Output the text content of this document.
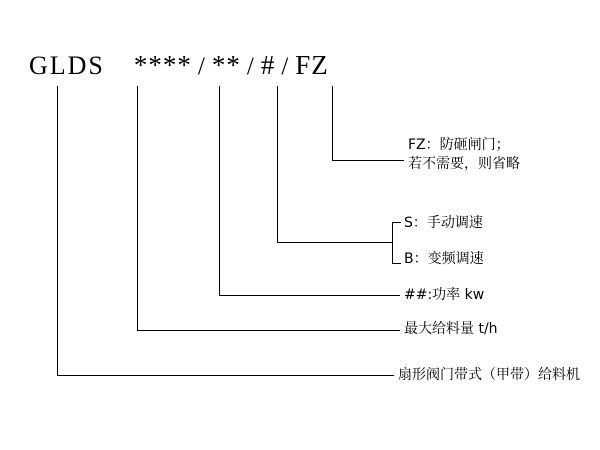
GLDS **** / ** / # / FZ
FZ：防砸闸门；
若不需要，则省略
S：手动调速
B：变频调速
##:功率 kw
最大给料量 t/h
扇形阀门带式（甲带）给料机
